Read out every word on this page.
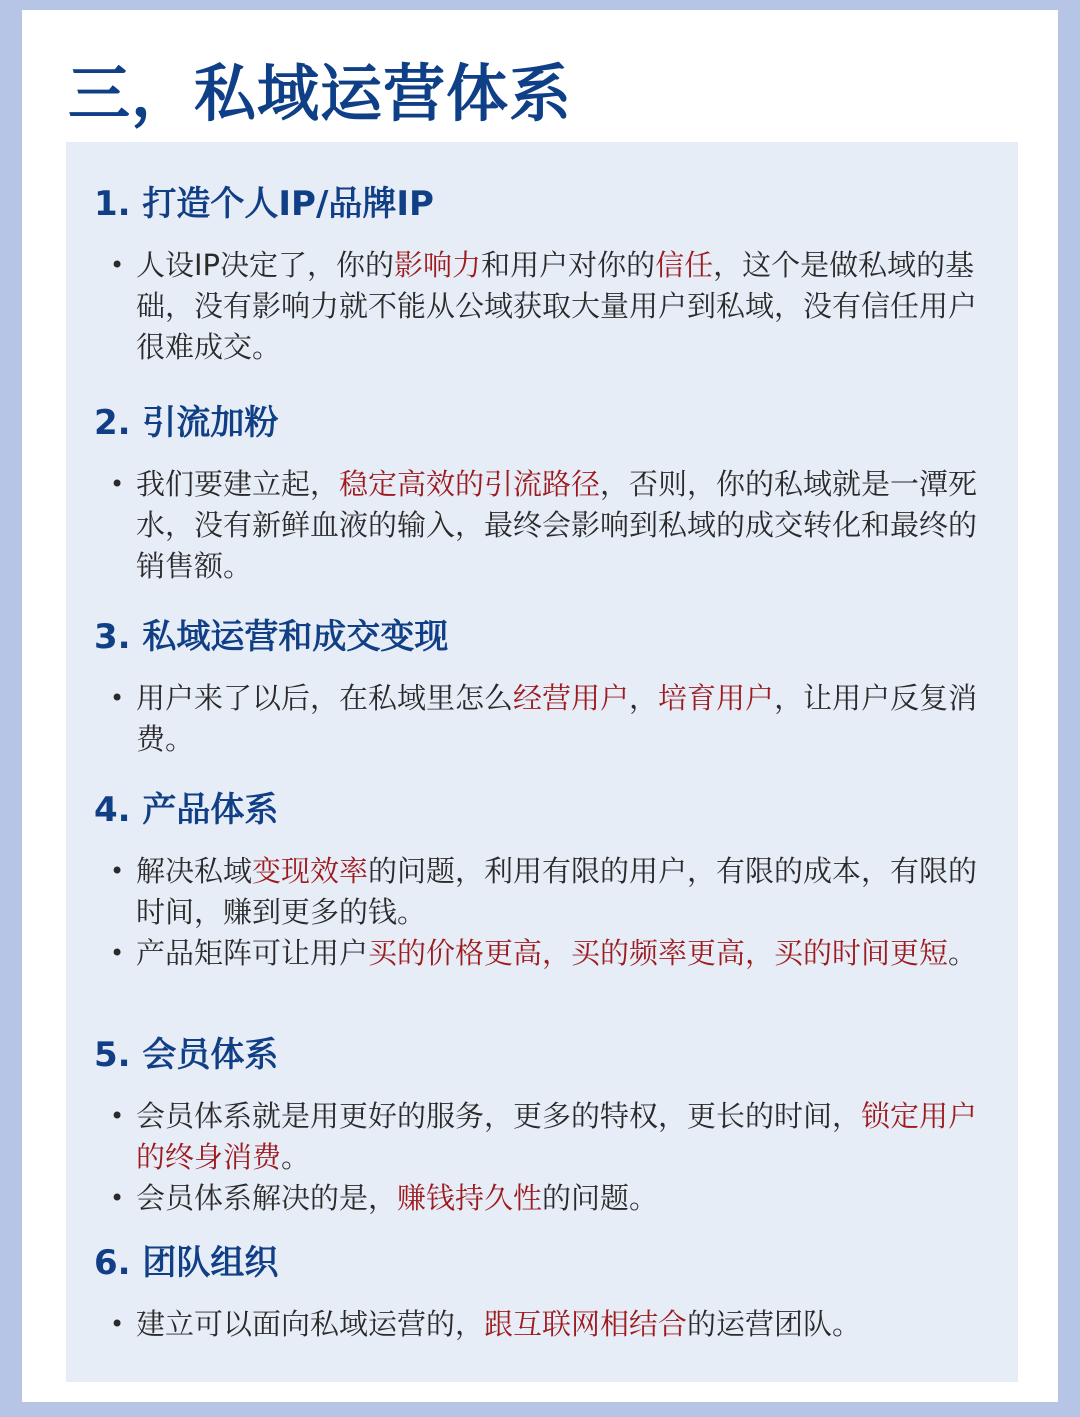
三，私域运营体系
1. 打造个人IP/品牌IP
• 人设IP决定了，你的影响力和用户对你的信任，这个是做私域的基础，没有影响力就不能从公域获取大量用户到私域，没有信任用户很难成交。
2. 引流加粉
• 我们要建立起，稳定高效的引流路径，否则，你的私域就是一潭死水，没有新鲜血液的输入，最终会影响到私域的成交转化和最终的销售额。
3. 私域运营和成交变现
• 用户来了以后，在私域里怎么经营用户，培育用户，让用户反复消费。
4. 产品体系
• 解决私域变现效率的问题，利用有限的用户，有限的成本，有限的时间，赚到更多的钱。
• 产品矩阵可让用户买的价格更高，买的频率更高，买的时间更短。
5. 会员体系
• 会员体系就是用更好的服务，更多的特权，更长的时间，锁定用户的终身消费。
• 会员体系解决的是，赚钱持久性的问题。
6. 团队组织
• 建立可以面向私域运营的，跟互联网相结合的运营团队。
